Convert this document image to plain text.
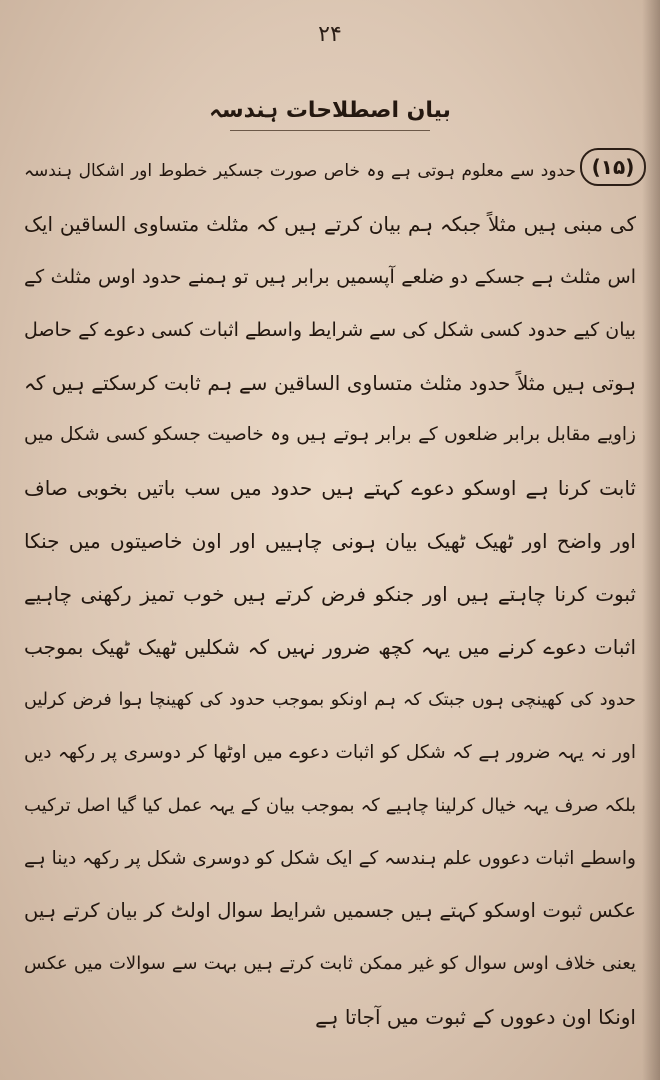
۲۴
بیان اصطلاحات ہندسہ
(۱۵)
حدود سے معلوم ہوتی ہے وہ خاص صورت جسکیر خطوط اور اشکال ہندسہ
کی مبنی ہیں مثلاً جبکہ ہم بیان کرتے ہیں کہ مثلث متساوی الساقین ایک
اس مثلث ہے جسکے دو ضلعے آپسمیں برابر ہیں تو ہمنے حدود اوس مثلث کے
بیان کیے حدود کسی شکل کی سے شرایط واسطے اثبات کسی دعوے کے حاصل
ہوتی ہیں مثلاً حدود مثلث متساوی الساقین سے ہم ثابت کرسکتے ہیں کہ
زاویے مقابل برابر ضلعوں کے برابر ہوتے ہیں وہ خاصیت جسکو کسی شکل میں
ثابت کرنا ہے اوسکو دعوے کہتے ہیں حدود میں سب باتیں بخوبی صاف
اور واضح اور ٹھیک ٹھیک بیان ہونی چاہییں اور اون خاصیتوں میں جنکا
ثبوت کرنا چاہتے ہیں اور جنکو فرض کرتے ہیں خوب تمیز رکھنی چاہیے
اثبات دعوے کرنے میں یہہ کچھ ضرور نہیں کہ شکلیں ٹھیک ٹھیک بموجب
حدود کی کھینچی ہوں جبتک کہ ہم اونکو بموجب حدود کی کھینچا ہوا فرض کرلیں
اور نہ یہہ ضرور ہے کہ شکل کو اثبات دعوے میں اوٹھا کر دوسری پر رکھہ دیں
بلکہ صرف یہہ خیال کرلینا چاہیے کہ بموجب بیان کے یہہ عمل کیا گیا اصل ترکیب
واسطے اثبات دعووں علم ہندسہ کے ایک شکل کو دوسری شکل پر رکھہ دینا ہے
عکس ثبوت اوسکو کہتے ہیں جسمیں شرایط سوال اولٹ کر بیان کرتے ہیں
یعنی خلاف اوس سوال کو غیر ممکن ثابت کرتے ہیں بہت سے سوالات میں عکس
اونکا اون دعووں کے ثبوت میں آجاتا ہے
